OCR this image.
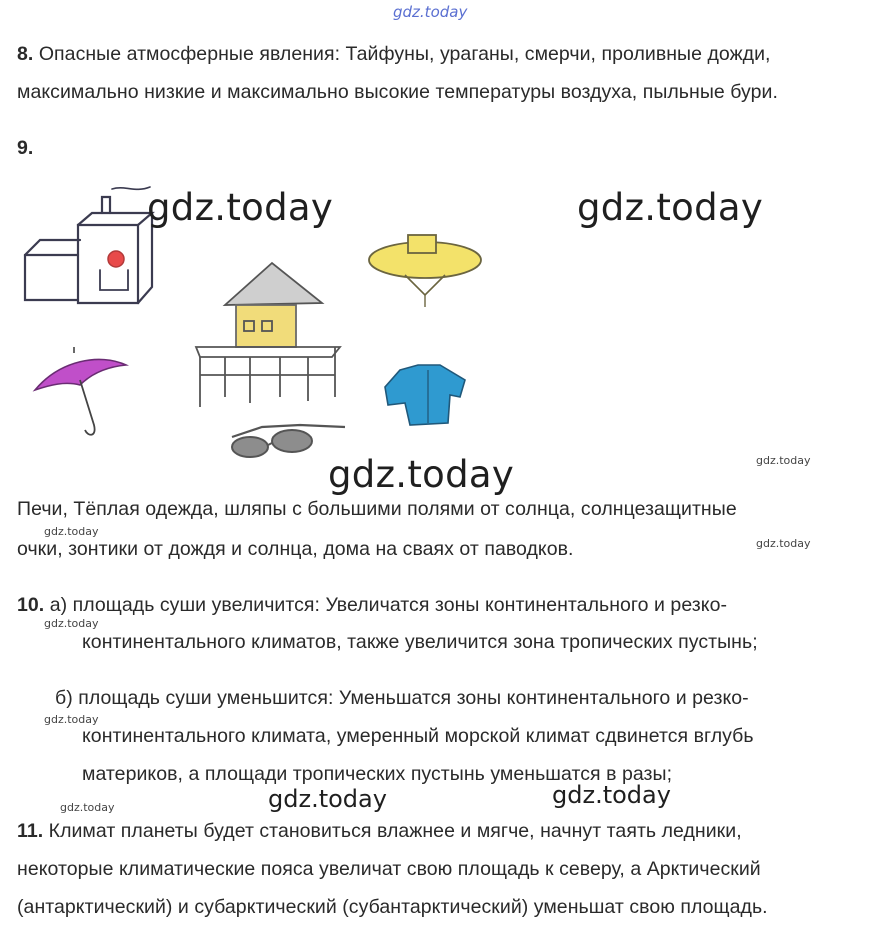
gdz.today
8. Опасные атмосферные явления: Тайфуны, ураганы, смерчи, проливные дожди,
максимально низкие и максимально высокие температуры воздуха, пыльные бури.
9.
gdz.today	gdz.today
gdz.today	gdz.today
Печи, Тёплая одежда, шляпы с большими полями от солнца, солнцезащитные
gdz.today
очки, зонтики от дождя и солнца, дома на сваях от паводков.	gdz.today
10. а) площадь суши увеличится: Увеличатся зоны континентального и резко-
gdz.today
континентального климатов, также увеличится зона тропических пустынь;
б) площадь суши уменьшится: Уменьшатся зоны континентального и резко-
gdz.today
континентального климата, умеренный морской климат сдвинется вглубь
материков, а площади тропических пустынь уменьшатся в разы;
gdz.today	gdz.today
gdz.today
11. Климат планеты будет становиться влажнее и мягче, начнут таять ледники,
некоторые климатические пояса увеличат свою площадь к северу, а Арктический
(антарктический) и субарктический (субантарктический) уменьшат свою площадь.
